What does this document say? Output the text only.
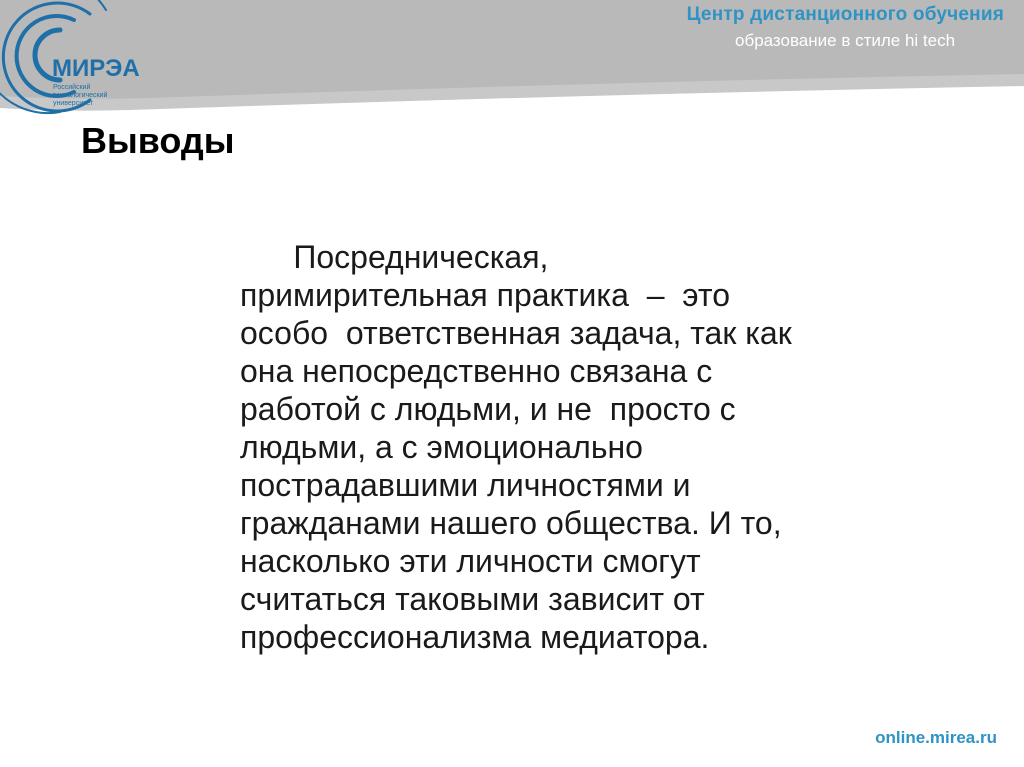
МИРЭА
Российский
технологический
университет
Центр дистанционного обучения
образование в стиле hi tech
Выводы
Посредническая,
примирительная практика  –  это
особо  ответственная задача, так как
она непосредственно связана с
работой с людьми, и не  просто с
людьми, а с эмоционально
пострадавшими личностями и
гражданами нашего общества. И то,
насколько эти личности смогут
считаться таковыми зависит от
профессионализма медиатора.
online.mirea.ru
